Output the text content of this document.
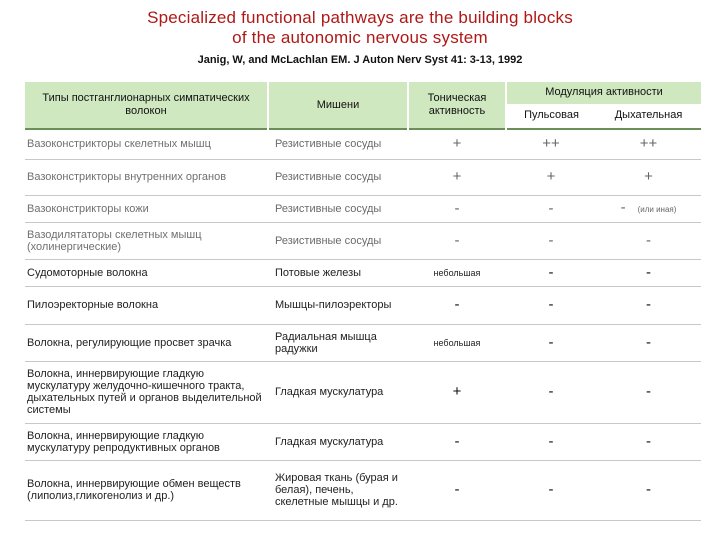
Specialized functional pathways are the building blocks
of the autonomic nervous system
Janig, W, and McLachlan EM. J Auton Nerv Syst 41: 3-13, 1992
Типы постганглионарных симпатических волокон	Мишени	Тоническая активность	Модуляция активности	
			Пульсовая	Дыхательная
Вазоконстрикторы скелетных мышц	Резистивные сосуды	+	++	++
Вазоконстрикторы внутренних органов	Резистивные сосуды	+	+	+
Вазоконстрикторы кожи	Резистивные сосуды	-	-	- (или иная)
Вазодилятаторы скелетных мышц (холинергические)	Резистивные сосуды	-	-	-
Судомоторные волокна	Потовые железы	небольшая	-	-
Пилоэректорные волокна	Мышцы-пилоэректоры	-	-	-
Волокна, регулирующие просвет зрачка	Радиальная мышца радужки	небольшая	-	-
Волокна, иннервирующие гладкую мускулатуру желудочно-кишечного тракта, дыхательных путей и органов выделительной системы	Гладкая мускулатура	+	-	-
Волокна, иннервирующие гладкую мускулатуру репродуктивных органов	Гладкая мускулатура	-	-	-
Волокна, иннервирующие обмен веществ (липолиз,гликогенолиз и др.)	Жировая ткань (бурая и белая), печень, скелетные мышцы и др.	-	-	-
